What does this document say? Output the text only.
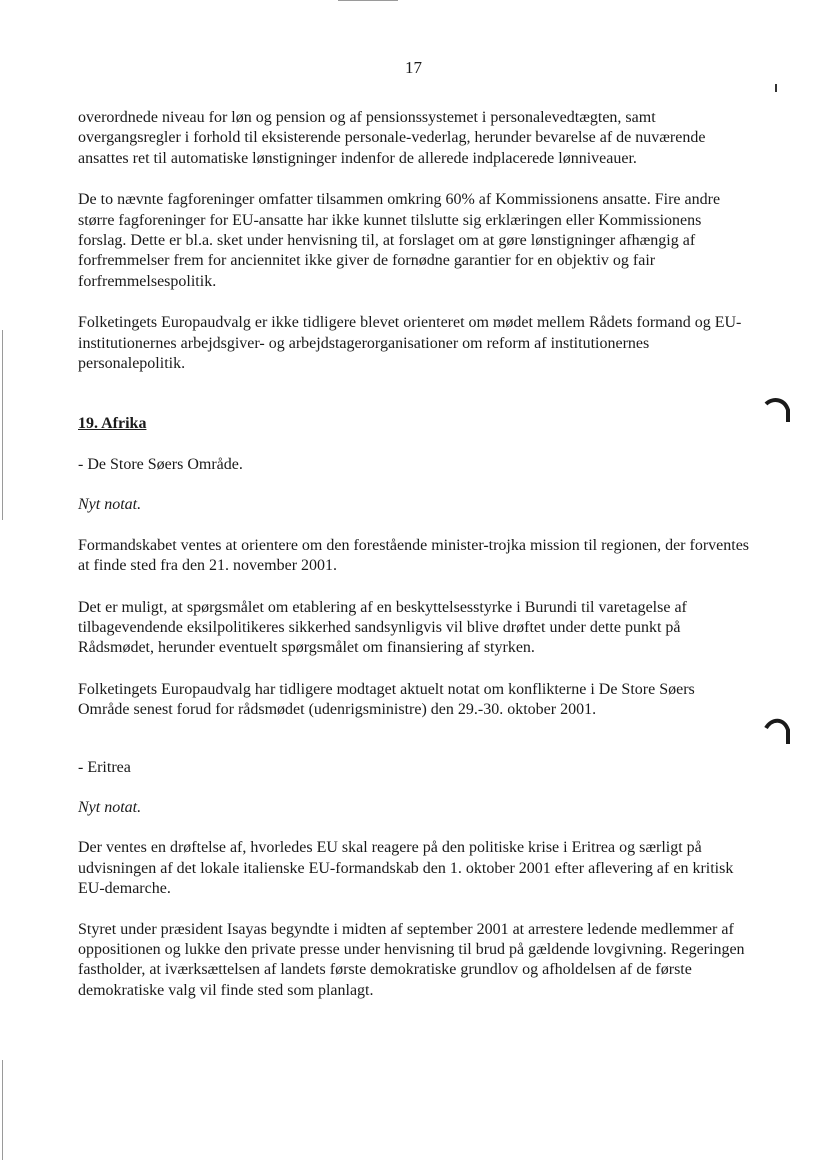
17

overordnede niveau for løn og pension og af pensionssystemet i personalevedtægten, samt overgangsregler i forhold til eksisterende personale-vederlag, herunder bevarelse af de nuværende ansattes ret til automatiske lønstigninger indenfor de allerede indplacerede lønniveauer.

De to nævnte fagforeninger omfatter tilsammen omkring 60% af Kommissionens ansatte. Fire andre større fagforeninger for EU-ansatte har ikke kunnet tilslutte sig erklæringen eller Kommissionens forslag. Dette er bl.a. sket under henvisning til, at forslaget om at gøre lønstigninger afhængig af forfremmelser frem for anciennitet ikke giver de fornødne garantier for en objektiv og fair forfremmelsespolitik.

Folketingets Europaudvalg er ikke tidligere blevet orienteret om mødet mellem Rådets formand og EU-institutionernes arbejdsgiver- og arbejdstagerorganisationer om reform af institutionernes personalepolitik.

19. Afrika

- De Store Søers Område.

Nyt notat.

Formandskabet ventes at orientere om den forestående minister-trojka mission til regionen, der forventes at finde sted fra den 21. november 2001.

Det er muligt, at spørgsmålet om etablering af en beskyttelsesstyrke i Burundi til varetagelse af tilbagevendende eksilpolitikeres sikkerhed sandsynligvis vil blive drøftet under dette punkt på Rådsmødet, herunder eventuelt spørgsmålet om finansiering af styrken.

Folketingets Europaudvalg har tidligere modtaget aktuelt notat om konflikterne i De Store Søers Område senest forud for rådsmødet (udenrigsministre) den 29.-30. oktober 2001.

- Eritrea

Nyt notat.

Der ventes en drøftelse af, hvorledes EU skal reagere på den politiske krise i Eritrea og særligt på udvisningen af det lokale italienske EU-formandskab den 1. oktober 2001 efter aflevering af en kritisk EU-demarche.

Styret under præsident Isayas begyndte i midten af september 2001 at arrestere ledende medlemmer af oppositionen og lukke den private presse under henvisning til brud på gældende lovgivning. Regeringen fastholder, at iværksættelsen af landets første demokratiske grundlov og afholdelsen af de første demokratiske valg vil finde sted som planlagt.
